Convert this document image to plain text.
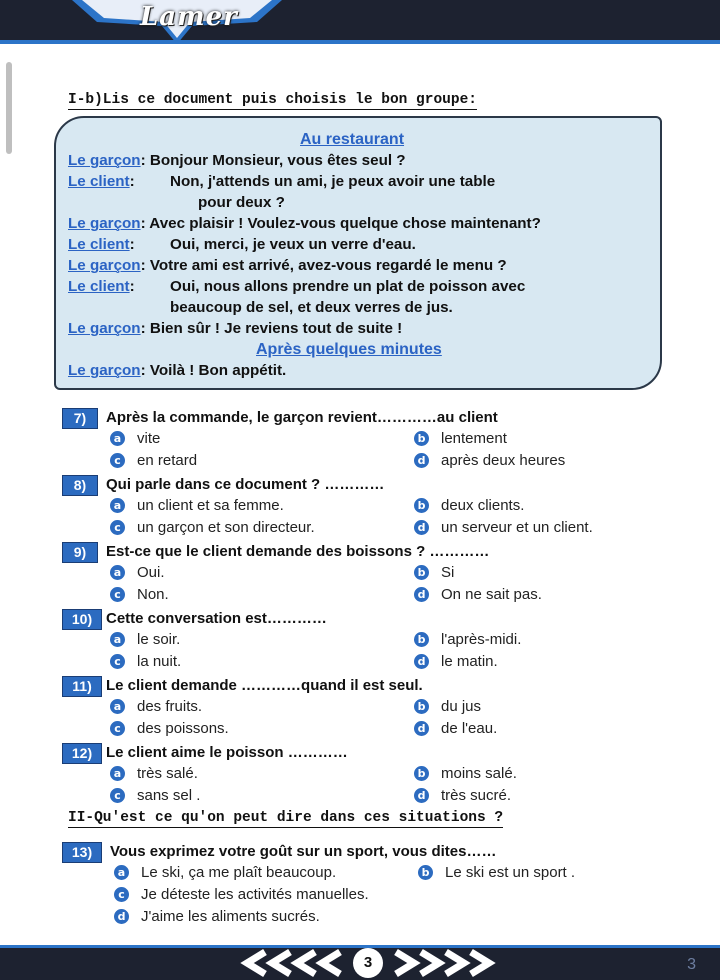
Lamer
I-b)Lis ce document puis choisis le bon groupe:
Au restaurant
Le garçon: Bonjour Monsieur, vous êtes seul ?
Le client: Non, j'attends un ami, je peux avoir une table
pour deux ?
Le garçon: Avec plaisir ! Voulez-vous quelque chose maintenant?
Le client: Oui, merci, je veux un verre d'eau.
Le garçon: Votre ami est arrivé, avez-vous regardé le menu ?
Le client: Oui, nous allons prendre un plat de poisson avec
beaucoup de sel, et deux verres de jus.
Le garçon: Bien sûr ! Je reviens tout de suite !
Après quelques minutes
Le garçon: Voilà ! Bon appétit.
7)	Après la commande, le garçon revient…………au client
a vite	b lentement
c en retard	d après deux heures
8)	Qui parle dans ce document ? …………
a un client et sa femme.	b deux clients.
c un garçon et son directeur.	d un serveur et un client.
9)	Est-ce que le client demande des boissons ? …………
a Oui.	b Si
c Non.	d On ne sait pas.
10) Cette conversation est…………
a le soir.	b l'après-midi.
c la nuit.	d le matin.
11) Le client demande …………quand il est seul.
a des fruits.	b du jus
c des poissons.	d de l'eau.
12) Le client aime le poisson …………
a très salé.	b moins salé.
c sans sel .	d très sucré.
II-Qu'est ce qu'on peut dire dans ces situations ?
13)	Vous exprimez votre goût sur un sport, vous dites……
a Le ski, ça me plaît beaucoup.	b Le ski est un sport .
c Je déteste les activités manuelles.
d J'aime les aliments sucrés.
3	3
